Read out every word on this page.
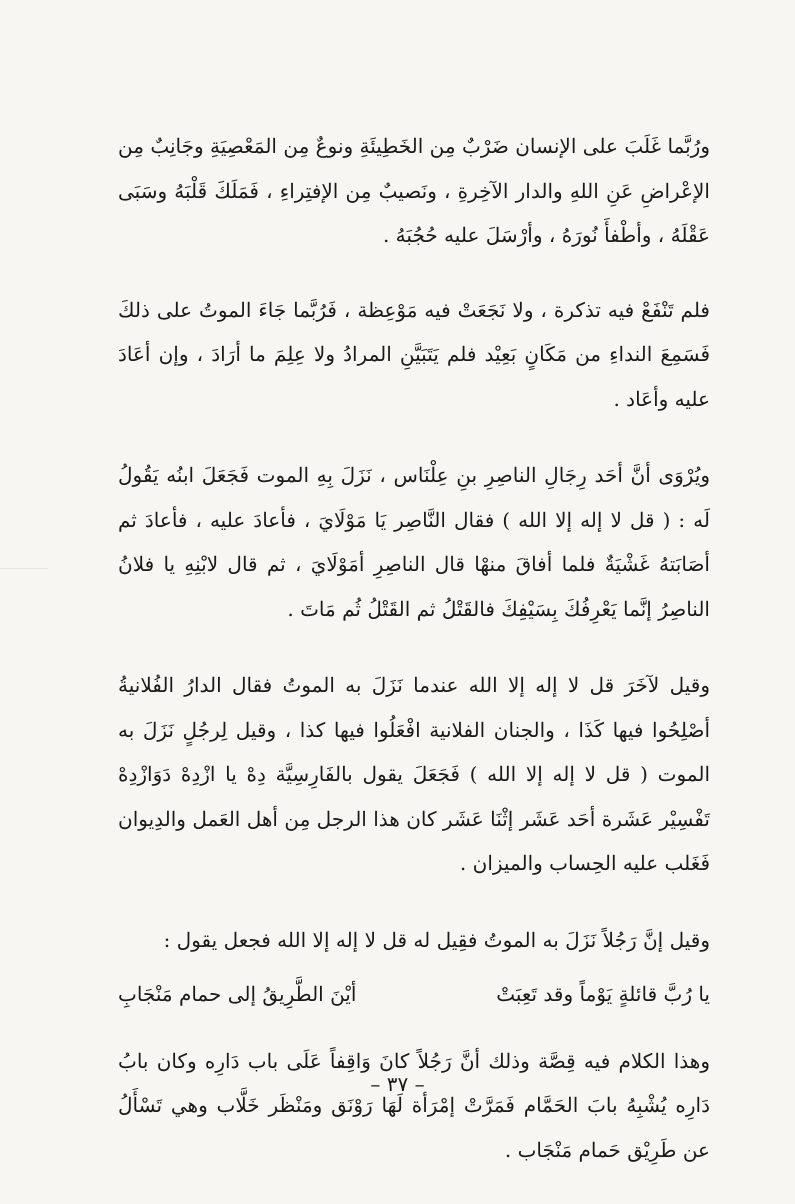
ورُبَّما غَلَبَ على الإنسان ضَرْبٌ مِن الخَطِيئَةِ ونوعٌ مِن المَعْصِيَةِ وجَانِبٌ مِن الإعْراضِ عَنِ اللهِ والدار الآخِرةِ ، ونَصيبٌ مِن الإفتِراءِ ، فَمَلَكَ قَلْبَهُ وسَبَى عَقْلَهُ ، وأطْفأَ نُورَهُ ، وأرْسَلَ عليه حُجُبَهُ .

فلم تَنْفَعْ فيه تذكرة ، ولا نَجَعَتْ فيه مَوْعِظة ، فَرُبَّما جَاءَ الموتُ على ذلكَ فَسَمِعَ النداءِ من مَكَانٍ بَعِيْد فلم يَتَبَيَّنِ المرادُ ولا عِلِمَ ما أرَادَ ، وإن أعَادَ عليه وأعَاد .

ويُرْوَى أنَّ أحَد رِجَالِ الناصِرِ بنِ عِلْنَاس ، نَزَلَ بِهِ الموت فَجَعَلَ ابنُه يَقُولُ لَه : ( قل لا إله إلا الله ) فقال النَّاصِر يَا مَوْلَايَ ، فأعادَ عليه ، فأعادَ ثم أصَابَتهُ غَشْيَةٌ فلما أفاقَ منهْا قال الناصِرِ أمَوْلَايَ ، ثم قال لابْنِهِ يا فلانُ الناصِرُ إنَّما يَعْرِفُكَ بِسَيْفِكَ فالقَتْلُ ثم القَتْلُ ثُم مَاتَ .

وقيل لآخَرَ قل لا إله إلا الله عندما نَزَلَ به الموتُ فقال الدارُ الفُلانيةُ أصْلِحُوا فيها كَذَا ، والجنان الفلانية افْعَلُوا فيها كذا ، وقيل لِرجُلٍ نَزَلَ به الموت ( قل لا إله إلا الله ) فَجَعَلَ يقول بالفَارِسِيَّة دِهْ يا ازْدِهْ دَوَازْدِهْ تَفْسِيْر عَشَرة أحَد عَشَر إثْنَا عَشَر كان هذا الرجل مِن أهل العَمل والدِيوان فَغَلب عليه الحِساب والميزان .

وقيل إنَّ رَجُلاً نَزَلَ به الموتُ فقِيل له قل لا إله إلا الله فجعل يقول :

يا رُبَّ قائلةٍ يَوْماً وقد تَعِبَتْ
أيْنَ الطَّرِيقُ إلى حمام مَنْجَابِ

وهذا الكلام فيه قِصَّة وذلك أنَّ رَجُلاً كانَ وَاقِفاً عَلَى باب دَارِه وكان بابُ دَارِه يُشْبِهُ بابَ الحَمَّام فَمَرَّتْ إمْرَأة لَهَا رَوْنَق ومَنْظَر خَلَّاب وهي تَسْأَلُ عن طَرِيْق حَمام مَنْجَاب .

– ٣٧ –
